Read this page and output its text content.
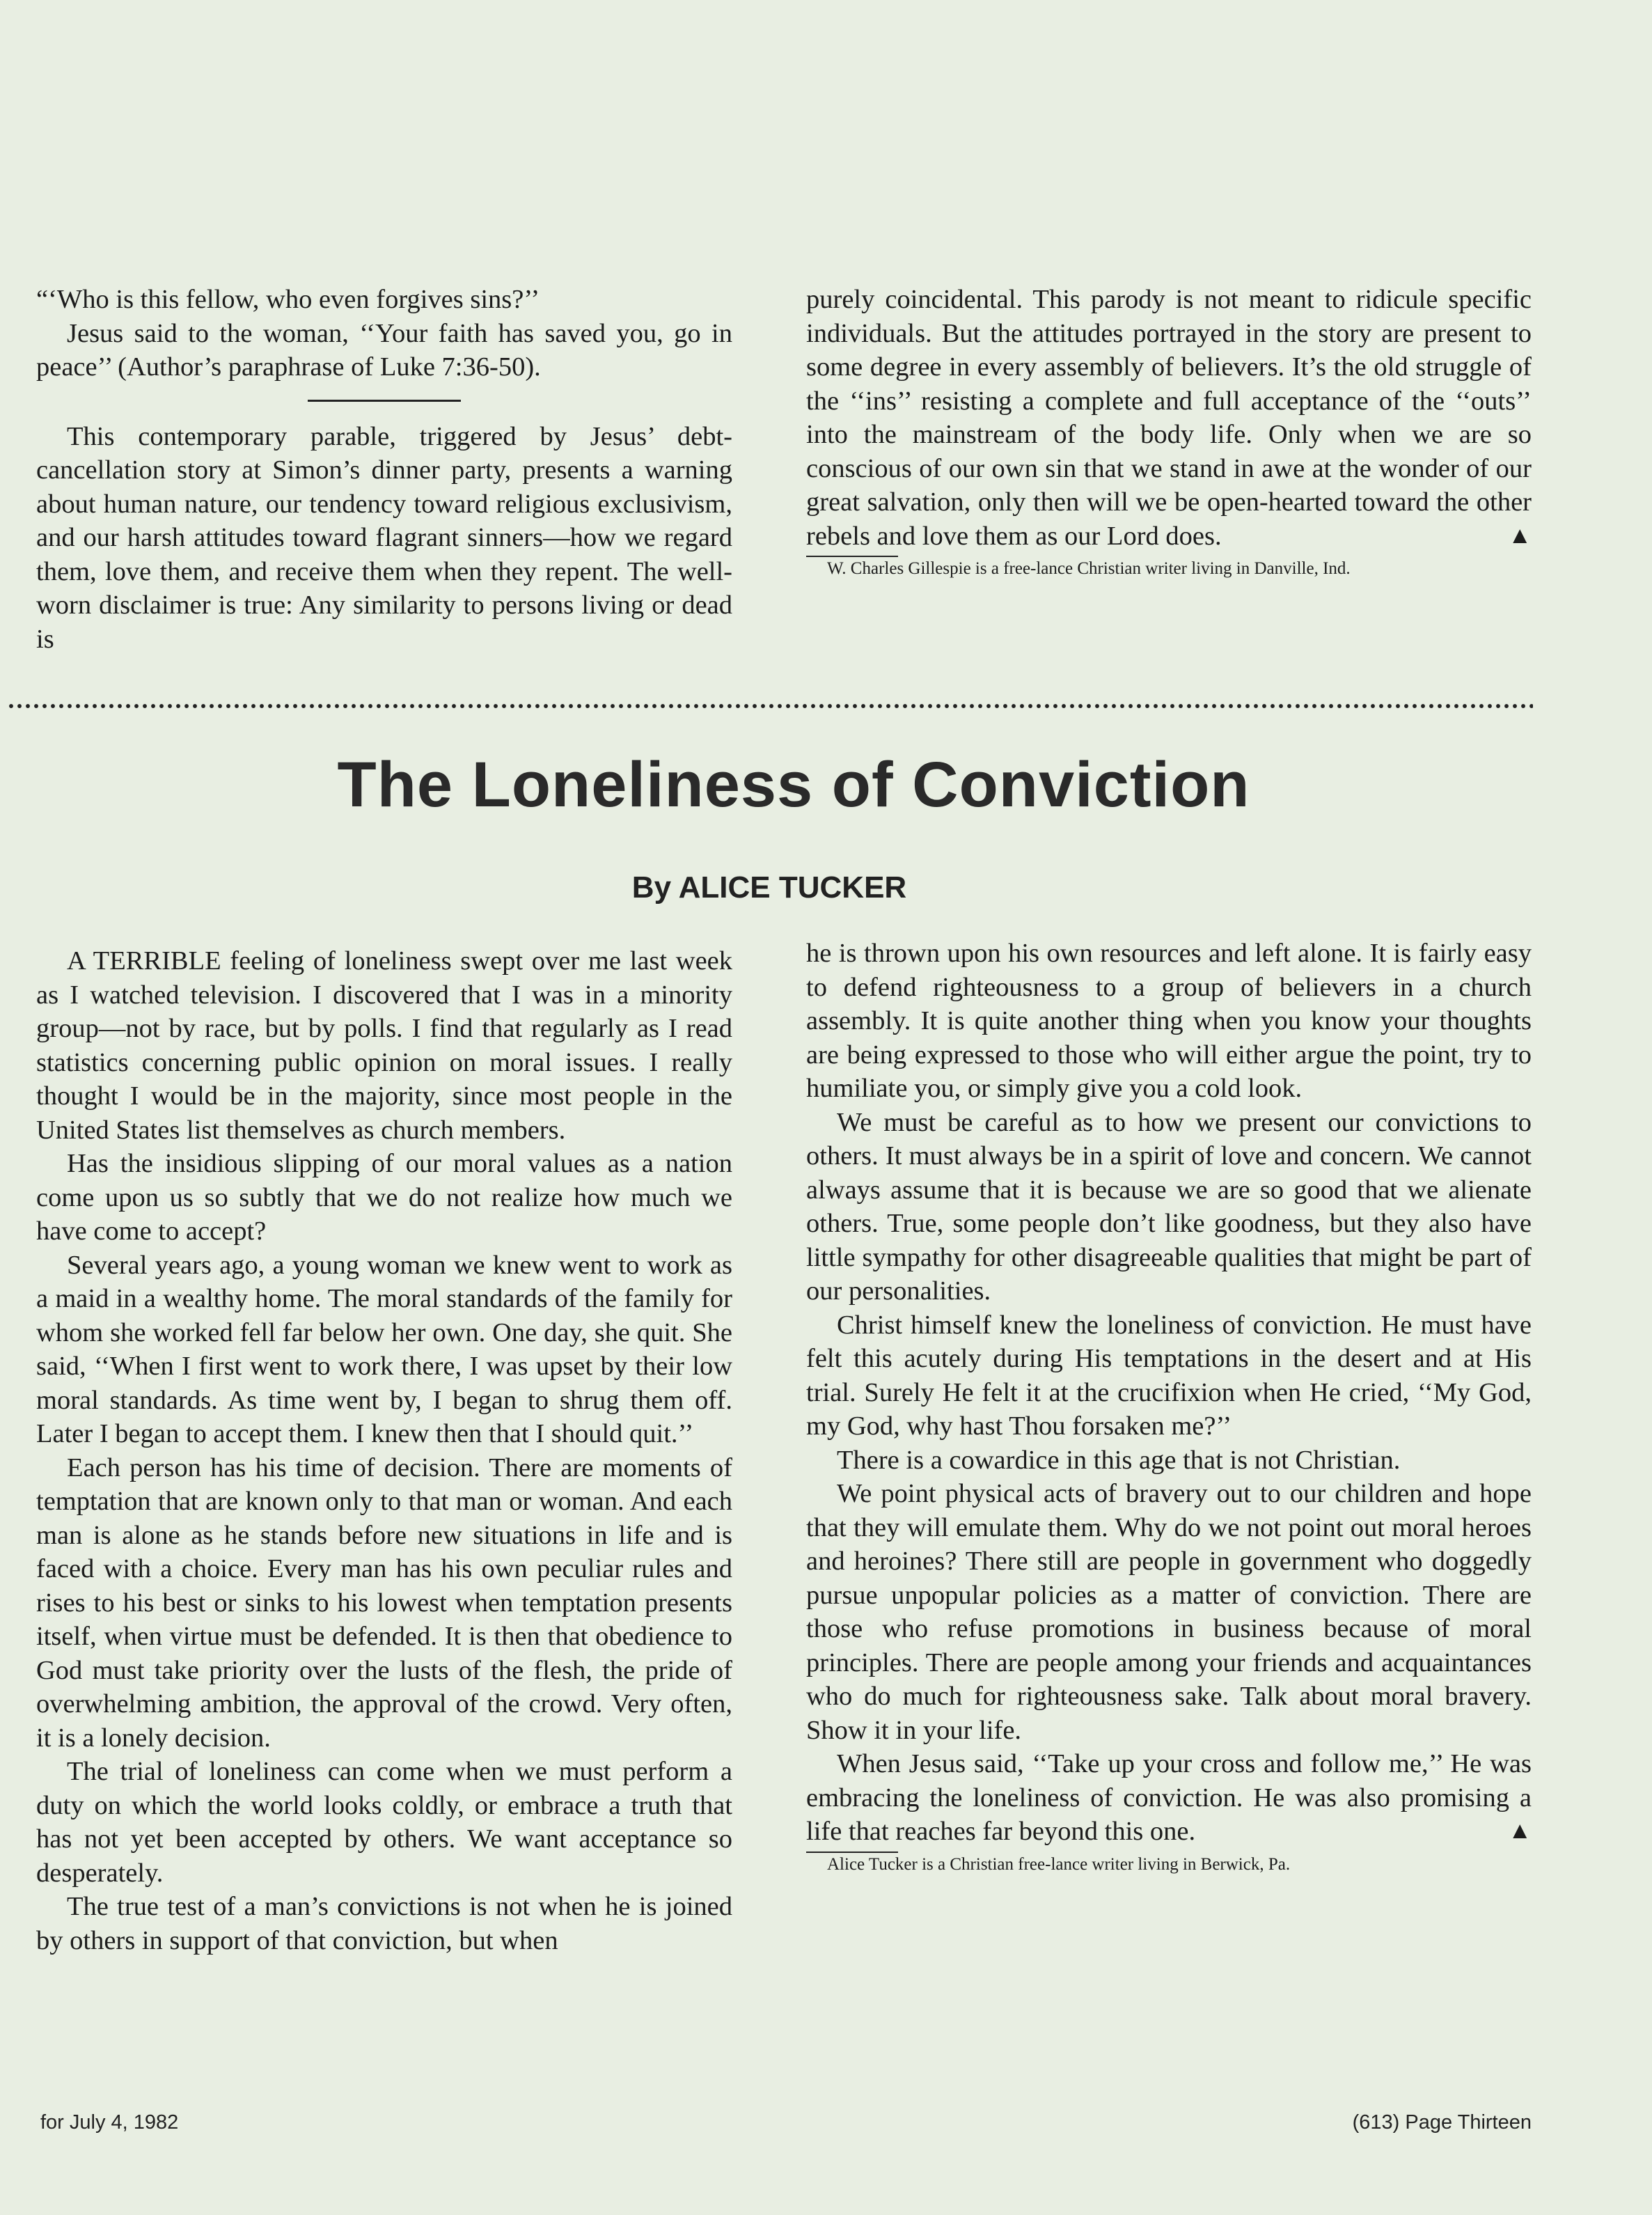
“‘Who is this fellow, who even forgives sins?’’

Jesus said to the woman, ‘‘Your faith has saved you, go in peace’’ (Author’s paraphrase of Luke 7:36-50).

This contemporary parable, triggered by Jesus’ debt-cancellation story at Simon’s dinner party, presents a warning about human nature, our tendency toward religious exclusivism, and our harsh attitudes toward flagrant sinners—how we regard them, love them, and receive them when they repent. The well-worn disclaimer is true: Any similarity to persons living or dead is

purely coincidental. This parody is not meant to ridicule specific individuals. But the attitudes portrayed in the story are present to some degree in every assembly of believers. It’s the old struggle of the ‘‘ins’’ resisting a complete and full acceptance of the ‘‘outs’’ into the mainstream of the body life. Only when we are so conscious of our own sin that we stand in awe at the wonder of our great salvation, only then will we be open-hearted toward the other rebels and love them as our Lord does.	▲

W. Charles Gillespie is a free-lance Christian writer living in Danville, Ind.

The Loneliness of Conviction
By ALICE TUCKER

A TERRIBLE feeling of loneliness swept over me last week as I watched television. I discovered that I was in a minority group—not by race, but by polls. I find that regularly as I read statistics concerning public opinion on moral issues. I really thought I would be in the majority, since most people in the United States list themselves as church members.

Has the insidious slipping of our moral values as a nation come upon us so subtly that we do not realize how much we have come to accept?

Several years ago, a young woman we knew went to work as a maid in a wealthy home. The moral standards of the family for whom she worked fell far below her own. One day, she quit. She said, ‘‘When I first went to work there, I was upset by their low moral standards. As time went by, I began to shrug them off. Later I began to accept them. I knew then that I should quit.’’

Each person has his time of decision. There are moments of temptation that are known only to that man or woman. And each man is alone as he stands before new situations in life and is faced with a choice. Every man has his own peculiar rules and rises to his best or sinks to his lowest when temptation presents itself, when virtue must be defended. It is then that obedience to God must take priority over the lusts of the flesh, the pride of overwhelming ambition, the approval of the crowd. Very often, it is a lonely decision.

The trial of loneliness can come when we must perform a duty on which the world looks coldly, or embrace a truth that has not yet been accepted by others. We want acceptance so desperately.

The true test of a man’s convictions is not when he is joined by others in support of that conviction, but when

he is thrown upon his own resources and left alone. It is fairly easy to defend righteousness to a group of believers in a church assembly. It is quite another thing when you know your thoughts are being expressed to those who will either argue the point, try to humiliate you, or simply give you a cold look.

We must be careful as to how we present our convictions to others. It must always be in a spirit of love and concern. We cannot always assume that it is because we are so good that we alienate others. True, some people don’t like goodness, but they also have little sympathy for other disagreeable qualities that might be part of our personalities.

Christ himself knew the loneliness of conviction. He must have felt this acutely during His temptations in the desert and at His trial. Surely He felt it at the crucifixion when He cried, ‘‘My God, my God, why hast Thou forsaken me?’’

There is a cowardice in this age that is not Christian.

We point physical acts of bravery out to our children and hope that they will emulate them. Why do we not point out moral heroes and heroines? There still are people in government who doggedly pursue unpopular policies as a matter of conviction. There are those who refuse promotions in business because of moral principles. There are people among your friends and acquaintances who do much for righteousness sake. Talk about moral bravery. Show it in your life.

When Jesus said, ‘‘Take up your cross and follow me,’’ He was embracing the loneliness of conviction. He was also promising a life that reaches far beyond this one.	▲

Alice Tucker is a Christian free-lance writer living in Berwick, Pa.

for July 4, 1982	(613) Page Thirteen
